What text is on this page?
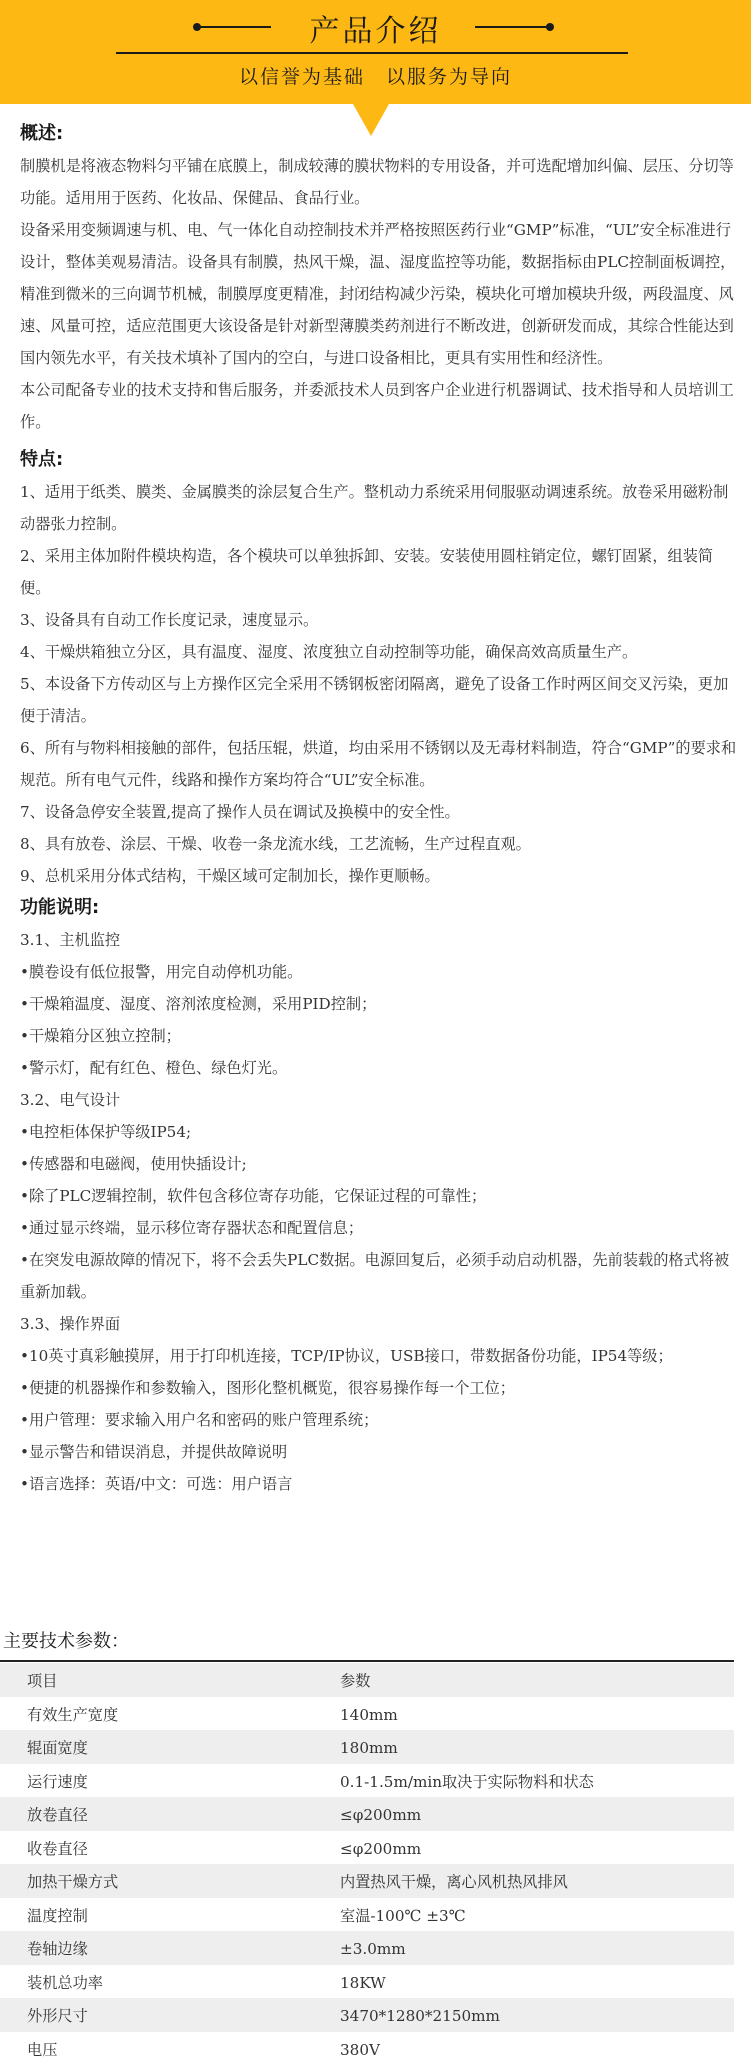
产品介绍
以信誉为基础　以服务为导向
概述:

制膜机是将液态物料匀平铺在底膜上，制成较薄的膜状物料的专用设备，并可选配增加纠偏、层压、分切等功能。适用用于医药、化妆品、保健品、食品行业。

设备采用变频调速与机、电、气一体化自动控制技术并严格按照医药行业“GMP”标准，“UL”安全标准进行设计，整体美观易清洁。设备具有制膜，热风干燥，温、湿度监控等功能，数据指标由PLC控制面板调控，精准到微米的三向调节机械，制膜厚度更精准，封闭结构减少污染，模块化可增加模块升级，两段温度、风速、风量可控，适应范围更大该设备是针对新型薄膜类药剂进行不断改进，创新研发而成，其综合性能达到国内领先水平，有关技术填补了国内的空白，与进口设备相比，更具有实用性和经济性。

本公司配备专业的技术支持和售后服务，并委派技术人员到客户企业进行机器调试、技术指导和人员培训工作。

特点:

1、适用于纸类、膜类、金属膜类的涂层复合生产。整机动力系统采用伺服驱动调速系统。放卷采用磁粉制动器张力控制。

2、采用主体加附件模块构造，各个模块可以单独拆卸、安装。安装使用圆柱销定位，螺钉固紧，组装简便。

3、设备具有自动工作长度记录，速度显示。

4、干燥烘箱独立分区，具有温度、湿度、浓度独立自动控制等功能，确保高效高质量生产。

5、本设备下方传动区与上方操作区完全采用不锈钢板密闭隔离，避免了设备工作时两区间交叉污染，更加便于清洁。

6、所有与物料相接触的部件，包括压辊，烘道，均由采用不锈钢以及无毒材料制造，符合“GMP”的要求和规范。所有电气元件，线路和操作方案均符合“UL”安全标准。

7、设备急停安全装置,提高了操作人员在调试及换模中的安全性。

8、具有放卷、涂层、干燥、收卷一条龙流水线，工艺流畅，生产过程直观。

9、总机采用分体式结构，干燥区域可定制加长，操作更顺畅。

功能说明:

3.1、主机监控

•膜卷设有低位报警，用完自动停机功能。

•干燥箱温度、湿度、溶剂浓度检测，采用PID控制；

•干燥箱分区独立控制；

•警示灯，配有红色、橙色、绿色灯光。

3.2、电气设计

•电控柜体保护等级IP54;

•传感器和电磁阀，使用快插设计;

•除了PLC逻辑控制，软件包含移位寄存功能，它保证过程的可靠性；

•通过显示终端，显示移位寄存器状态和配置信息；

•在突发电源故障的情况下，将不会丢失PLC数据。电源回复后，必须手动启动机器，先前装载的格式将被重新加载。

3.3、操作界面

•10英寸真彩触摸屏，用于打印机连接，TCP/IP协议，USB接口，带数据备份功能，IP54等级；

•便捷的机器操作和参数输入，图形化整机概览，很容易操作每一个工位；

•用户管理：要求输入用户名和密码的账户管理系统；

•显示警告和错误消息，并提供故障说明

•语言选择：英语/中文：可选：用户语言

主要技术参数：
项目	参数
有效生产宽度	140mm
辊面宽度	180mm
运行速度	0.1-1.5m/min取决于实际物料和状态
放卷直径	≤φ200mm
收卷直径	≤φ200mm
加热干燥方式	内置热风干燥，离心风机热风排风
温度控制	室温-100℃ ±3℃
卷轴边缘	±3.0mm
装机总功率	18KW
外形尺寸	3470*1280*2150mm
电压	380V
